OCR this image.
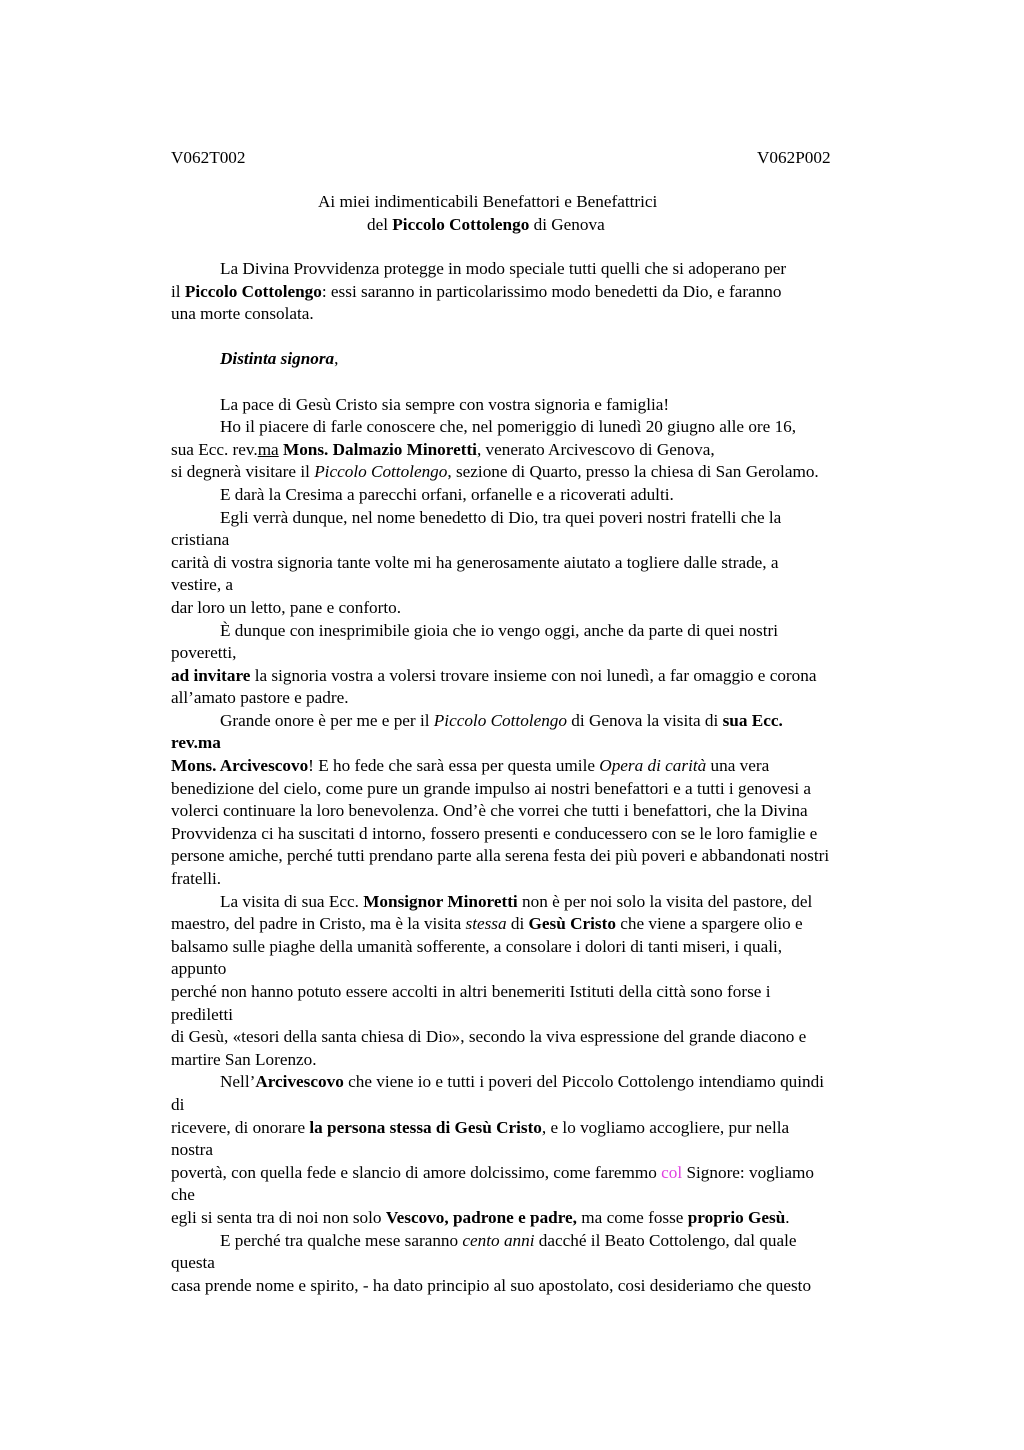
V062T002	V062P002
Ai miei indimenticabili Benefattori e Benefattrici
del Piccolo Cottolengo di Genova
La Divina Provvidenza protegge in modo speciale tutti quelli che si adoperano per
il Piccolo Cottolengo: essi saranno in particolarissimo modo benedetti da Dio, e faranno
una morte consolata.
Distinta signora,
La pace di Gesù Cristo sia sempre con vostra signoria e famiglia!
Ho il piacere di farle conoscere che, nel pomeriggio di lunedì 20 giugno alle ore 16,
sua Ecc. rev.ma Mons. Dalmazio Minoretti, venerato Arcivescovo di Genova,
si degnerà visitare il Piccolo Cottolengo, sezione di Quarto, presso la chiesa di San Gerolamo.
E darà la Cresima a parecchi orfani, orfanelle e a ricoverati adulti.
Egli verrà dunque, nel nome benedetto di Dio, tra quei poveri nostri fratelli che la
cristiana
carità di vostra signoria tante volte mi ha generosamente aiutato a togliere dalle strade, a
vestire, a
dar loro un letto, pane e conforto.
È dunque con inesprimibile gioia che io vengo oggi, anche da parte di quei nostri
poveretti,
ad invitare la signoria vostra a volersi trovare insieme con noi lunedì, a far omaggio e corona
all’amato pastore e padre.
Grande onore è per me e per il Piccolo Cottolengo di Genova la visita di sua Ecc.
rev.ma
Mons. Arcivescovo! E ho fede che sarà essa per questa umile Opera di carità una vera
benedizione del cielo, come pure un grande impulso ai nostri benefattori e a tutti i genovesi a
volerci continuare la loro benevolenza. Ond’è che vorrei che tutti i benefattori, che la Divina
Provvidenza ci ha suscitati d intorno, fossero presenti e conducessero con se le loro famiglie e
persone amiche, perché tutti prendano parte alla serena festa dei più poveri e abbandonati nostri
fratelli.
La visita di sua Ecc. Monsignor Minoretti non è per noi solo la visita del pastore, del
maestro, del padre in Cristo, ma è la visita stessa di Gesù Cristo che viene a spargere olio e
balsamo sulle piaghe della umanità sofferente, a consolare i dolori di tanti miseri, i quali,
appunto
perché non hanno potuto essere accolti in altri benemeriti Istituti della città sono forse i
prediletti
di Gesù, «tesori della santa chiesa di Dio», secondo la viva espressione del grande diacono e
martire San Lorenzo.
Nell’Arcivescovo che viene io e tutti i poveri del Piccolo Cottolengo intendiamo quindi
di
ricevere, di onorare la persona stessa di Gesù Cristo, e lo vogliamo accogliere, pur nella
nostra
povertà, con quella fede e slancio di amore dolcissimo, come faremmo col Signore: vogliamo
che
egli si senta tra di noi non solo Vescovo, padrone e padre, ma come fosse proprio Gesù.
E perché tra qualche mese saranno cento anni dacché il Beato Cottolengo, dal quale
questa
casa prende nome e spirito, - ha dato principio al suo apostolato, cosi desideriamo che questo
